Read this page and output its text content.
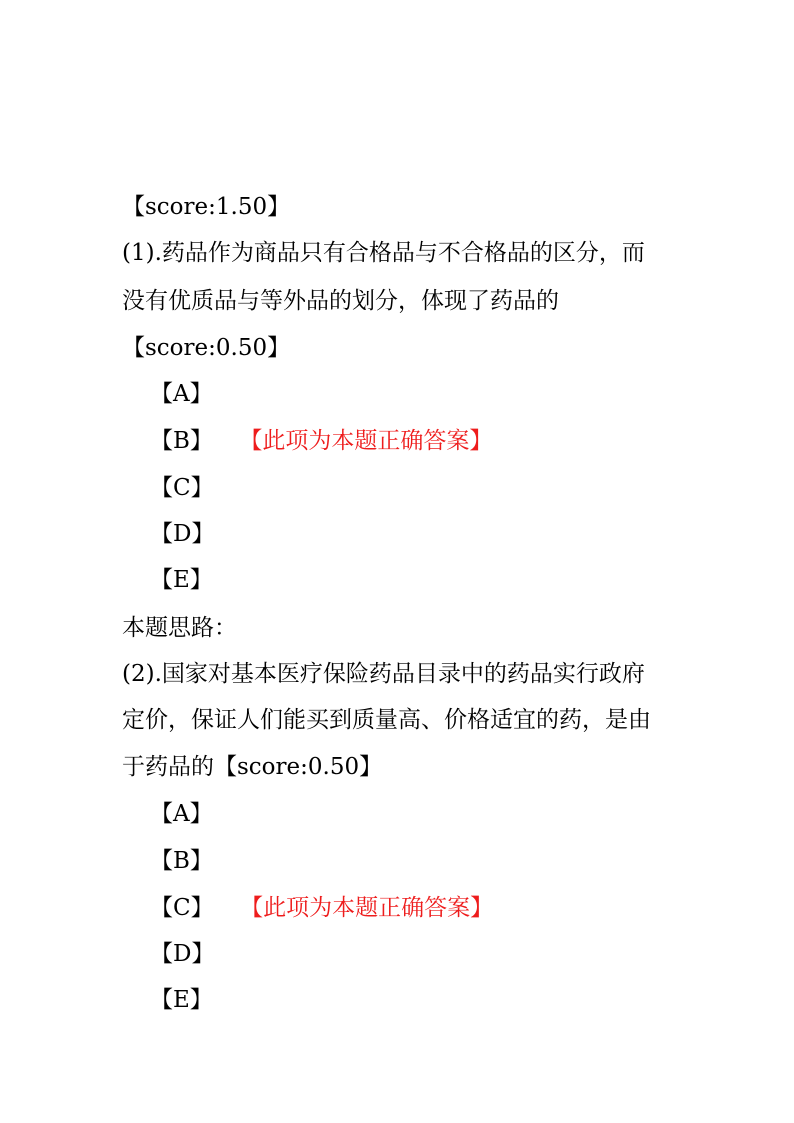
【score:1.50】
(1).药品作为商品只有合格品与不合格品的区分，而
没有优质品与等外品的划分，体现了药品的
【score:0.50】
【A】
【B】 【此项为本题正确答案】
【C】
【D】
【E】
本题思路：
(2).国家对基本医疗保险药品目录中的药品实行政府
定价，保证人们能买到质量高、价格适宜的药，是由
于药品的【score:0.50】
【A】
【B】
【C】 【此项为本题正确答案】
【D】
【E】
